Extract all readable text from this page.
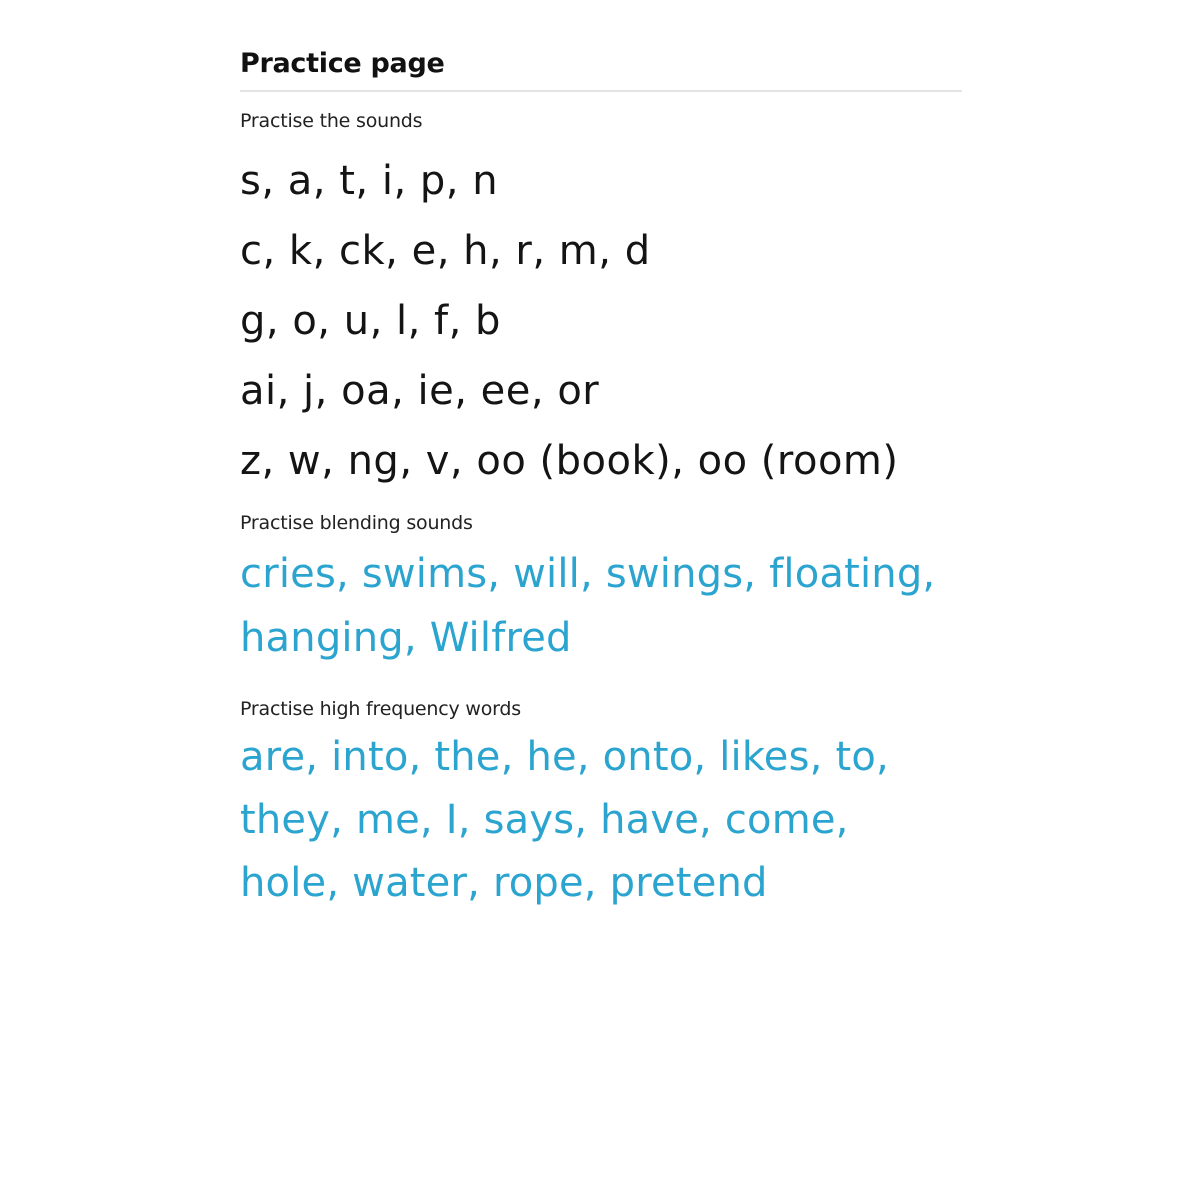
Practice page
Practise the sounds
s, a, t, i, p, n
c, k, ck, e, h, r, m, d
g, o, u, l, f, b
ai, j, oa, ie, ee, or
z, w, ng, v, oo (book), oo (room)
Practise blending sounds
cries, swims, will, swings, floating,
hanging, Wilfred
Practise high frequency words
are, into, the, he, onto, likes, to,
they, me, I, says, have, come,
hole, water, rope, pretend
